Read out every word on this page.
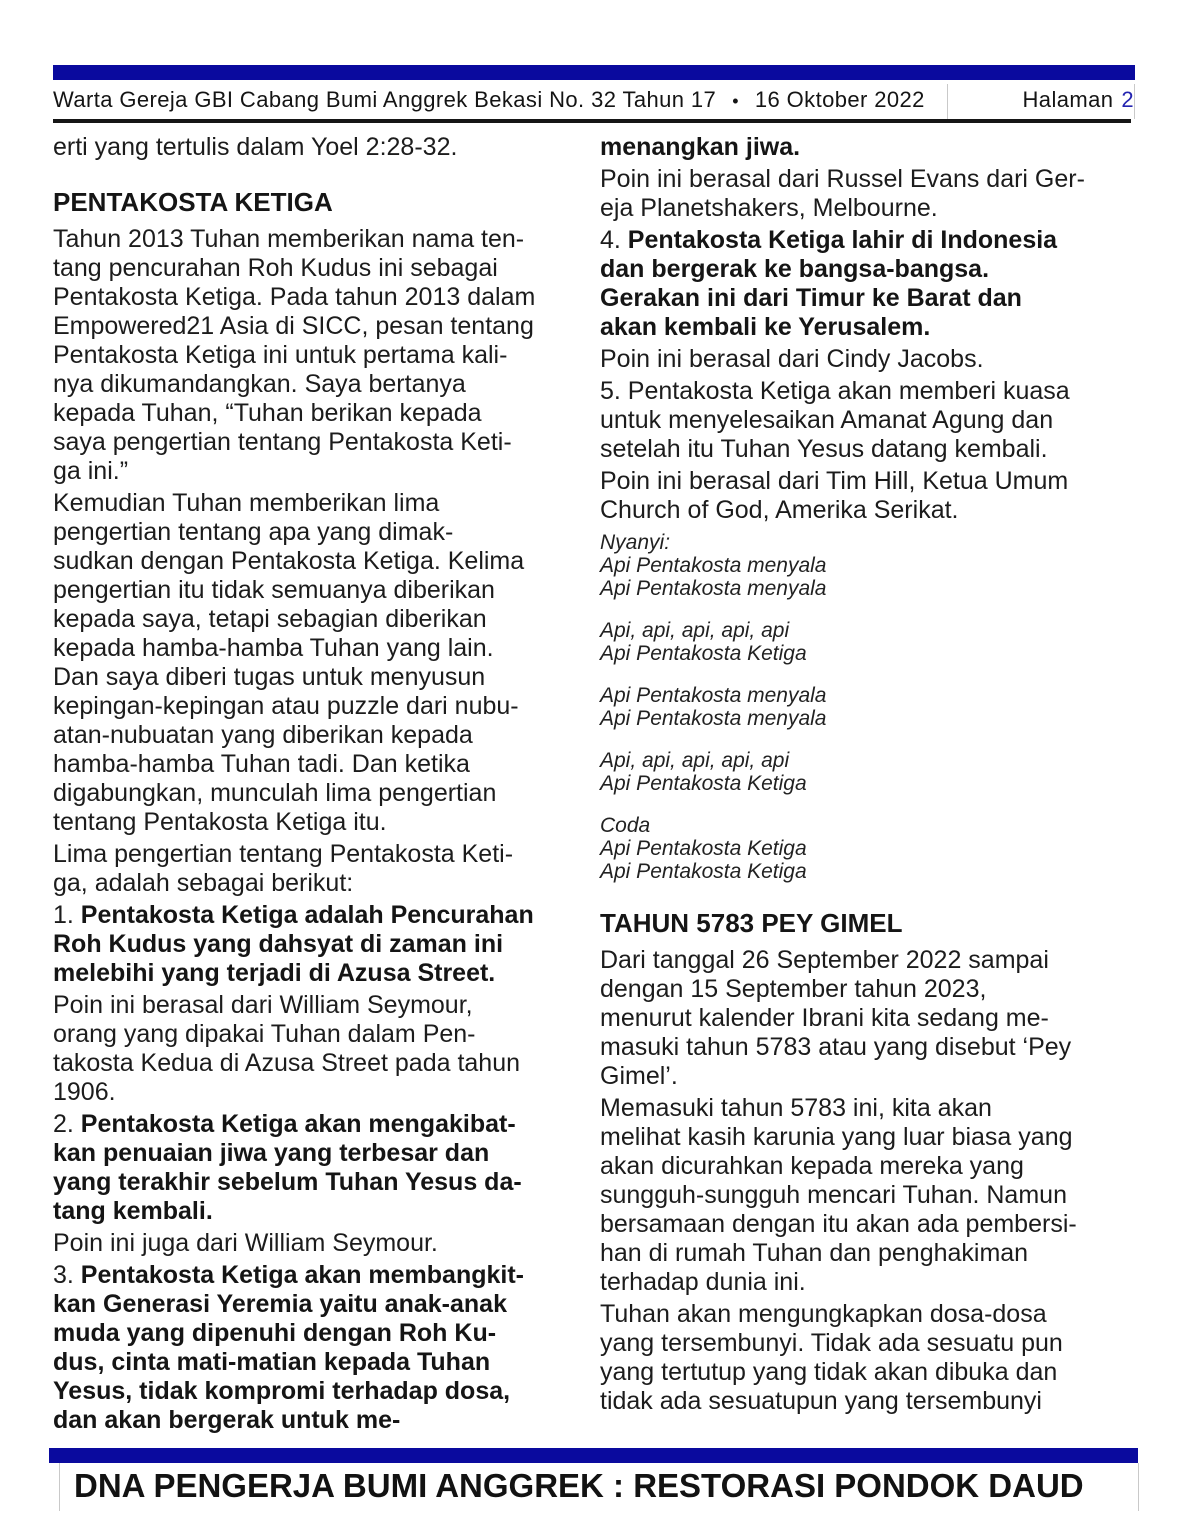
Warta Gereja GBI Cabang Bumi Anggrek Bekasi No. 32 Tahun 17 • 16 Oktober 2022	Halaman 2
erti yang tertulis dalam Yoel 2:28-32.
PENTAKOSTA KETIGA
Tahun 2013 Tuhan memberikan nama ten-
tang pencurahan Roh Kudus ini sebagai
Pentakosta Ketiga. Pada tahun 2013 dalam
Empowered21 Asia di SICC, pesan tentang
Pentakosta Ketiga ini untuk pertama kali-
nya dikumandangkan. Saya bertanya
kepada Tuhan, “Tuhan berikan kepada
saya pengertian tentang Pentakosta Keti-
ga ini.”
Kemudian Tuhan memberikan lima
pengertian tentang apa yang dimak-
sudkan dengan Pentakosta Ketiga. Kelima
pengertian itu tidak semuanya diberikan
kepada saya, tetapi sebagian diberikan
kepada hamba-hamba Tuhan yang lain.
Dan saya diberi tugas untuk menyusun
kepingan-kepingan atau puzzle dari nubu-
atan-nubuatan yang diberikan kepada
hamba-hamba Tuhan tadi. Dan ketika
digabungkan, munculah lima pengertian
tentang Pentakosta Ketiga itu.
Lima pengertian tentang Pentakosta Keti-
ga, adalah sebagai berikut:
1. Pentakosta Ketiga adalah Pencurahan
Roh Kudus yang dahsyat di zaman ini
melebihi yang terjadi di Azusa Street.
Poin ini berasal dari William Seymour,
orang yang dipakai Tuhan dalam Pen-
takosta Kedua di Azusa Street pada tahun
1906.
2. Pentakosta Ketiga akan mengakibat-
kan penuaian jiwa yang terbesar dan
yang terakhir sebelum Tuhan Yesus da-
tang kembali.
Poin ini juga dari William Seymour.
3. Pentakosta Ketiga akan membangkit-
kan Generasi Yeremia yaitu anak-anak
muda yang dipenuhi dengan Roh Ku-
dus, cinta mati-matian kepada Tuhan
Yesus, tidak kompromi terhadap dosa,
dan akan bergerak untuk me-
menangkan jiwa.
Poin ini berasal dari Russel Evans dari Ger-
eja Planetshakers, Melbourne.
4. Pentakosta Ketiga lahir di Indonesia
dan bergerak ke bangsa-bangsa.
Gerakan ini dari Timur ke Barat dan
akan kembali ke Yerusalem.
Poin ini berasal dari Cindy Jacobs.
5. Pentakosta Ketiga akan memberi kuasa
untuk menyelesaikan Amanat Agung dan
setelah itu Tuhan Yesus datang kembali.
Poin ini berasal dari Tim Hill, Ketua Umum
Church of God, Amerika Serikat.
Nyanyi:
Api Pentakosta menyala
Api Pentakosta menyala
Api, api, api, api, api
Api Pentakosta Ketiga
Api Pentakosta menyala
Api Pentakosta menyala
Api, api, api, api, api
Api Pentakosta Ketiga
Coda
Api Pentakosta Ketiga
Api Pentakosta Ketiga
TAHUN 5783 PEY GIMEL
Dari tanggal 26 September 2022 sampai
dengan 15 September tahun 2023,
menurut kalender Ibrani kita sedang me-
masuki tahun 5783 atau yang disebut ‘Pey
Gimel’.
Memasuki tahun 5783 ini, kita akan
melihat kasih karunia yang luar biasa yang
akan dicurahkan kepada mereka yang
sungguh-sungguh mencari Tuhan. Namun
bersamaan dengan itu akan ada pembersi-
han di rumah Tuhan dan penghakiman
terhadap dunia ini.
Tuhan akan mengungkapkan dosa-dosa
yang tersembunyi. Tidak ada sesuatu pun
yang tertutup yang tidak akan dibuka dan
tidak ada sesuatupun yang tersembunyi
DNA PENGERJA BUMI ANGGREK : RESTORASI PONDOK DAUD
